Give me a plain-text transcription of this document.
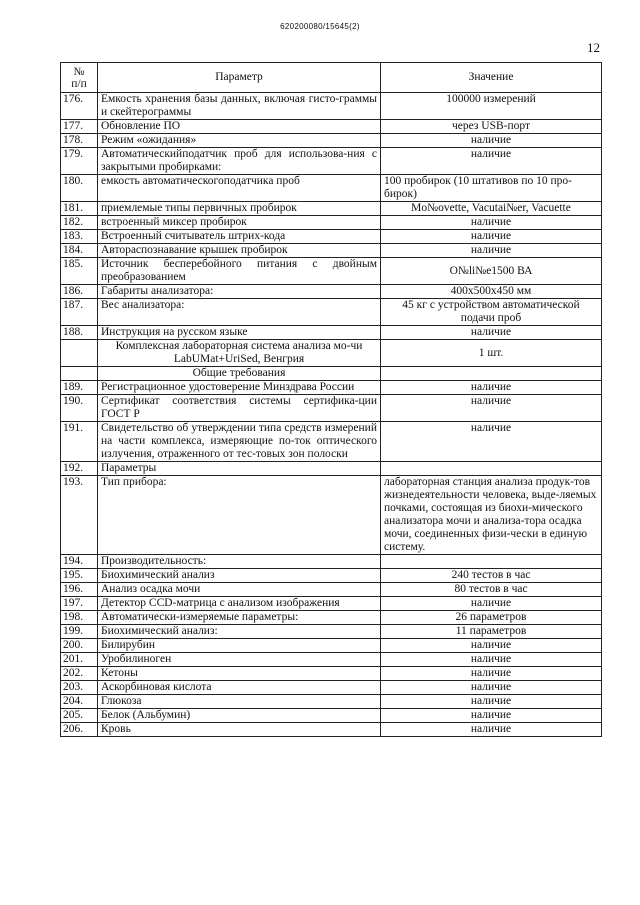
620200080/15645(2)
12
№
п/п	Параметр	Значение
176.	Емкость хранения базы данных, включая гисто-граммы и скейтерограммы	100000 измерений
177.	Обновление ПО	через USB-порт
178.	Режим «ожидания»	наличие
179.	Автоматическийподатчик проб для использова-ния с закрытыми пробирками:	наличие
180.	емкость автоматическогоподатчика проб	100 пробирок (10 штативов по 10 про-бирок)
181.	приемлемые типы первичных пробирок	Mo№ovette, Vacutai№er, Vacuette
182.	встроенный миксер пробирок	наличие
183.	Встроенный считыватель штрих-кода	наличие
184.	Автораспознавание крышек пробирок	наличие
185.	Источник бесперебойного питания с двойным преобразованием	О№li№e1500 ВА
186.	Габариты анализатора:	400x500x450 мм
187.	Вес анализатора:	45 кг с устройством автоматической подачи проб
188.	Инструкция на русском языке	наличие
	Комплексная лабораторная система анализа мо-чи LabUMat+UriSed, Венгрия	1 шт.
	Общие требования	
189.	Регистрационное удостоверение Минздрава России	наличие
190.	Сертификат соответствия системы сертифика-ции ГОСТ Р	наличие
191.	Свидетельство об утверждении типа средств измерений на части комплекса, измеряющие по-ток оптического излучения, отраженного от тес-товых зон полоски	наличие
192.	Параметры	
193.	Тип прибора:	лабораторная станция анализа продук-тов жизнедеятельности человека, выде-ляемых почками, состоящая из биохи-мического анализатора мочи и анализа-тора осадка мочи, соединенных физи-чески в единую систему.
194.	Производительность:	
195.	Биохимический анализ	240 тестов в час
196.	Анализ осадка мочи	80 тестов в час
197.	Детектор CCD-матрица с анализом изображения	наличие
198.	Автоматически-измеряемые параметры:	26 параметров
199.	Биохимический анализ:	11 параметров
200.	Билирубин	наличие
201.	Уробилиноген	наличие
202.	Кетоны	наличие
203.	Аскорбиновая кислота	наличие
204.	Глюкоза	наличие
205.	Белок (Альбумин)	наличие
206.	Кровь	наличие
